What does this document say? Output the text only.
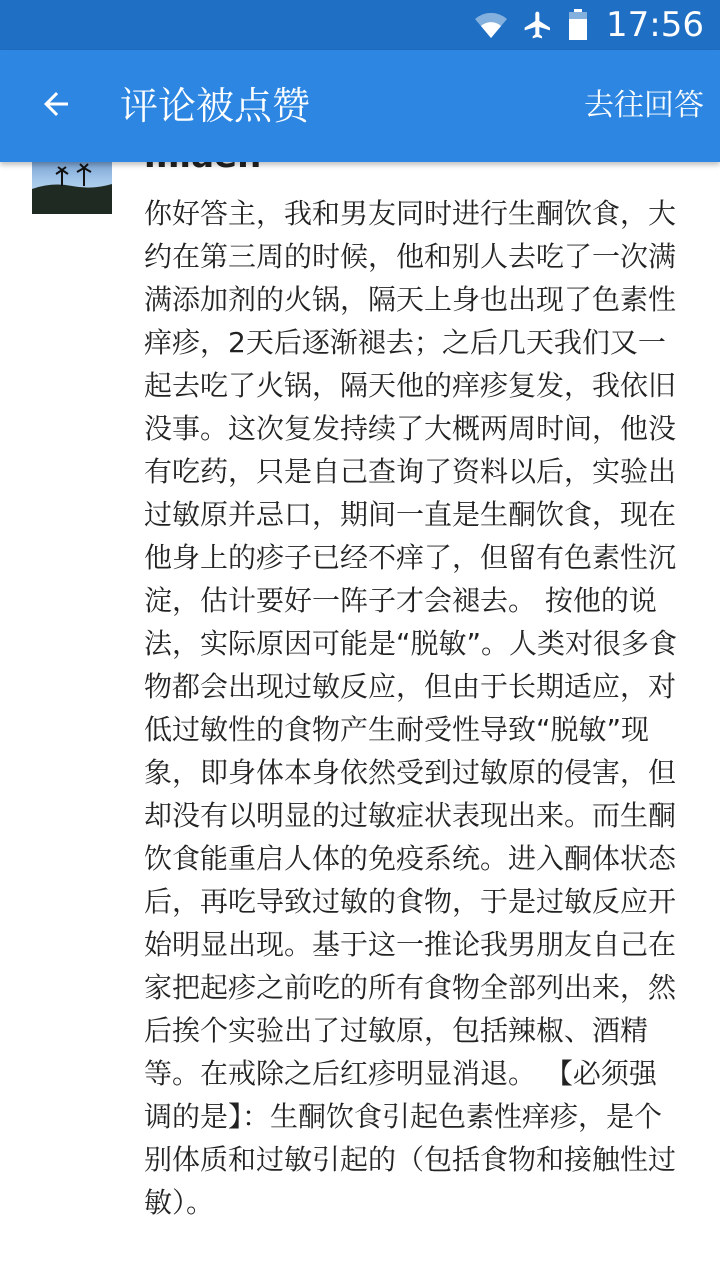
17:56
评论被点赞	去往回答
你好答主，我和男友同时进行生酮饮食，大约在第三周的时候，他和别人去吃了一次满满添加剂的火锅，隔天上身也出现了色素性痒疹，2天后逐渐褪去；之后几天我们又一起去吃了火锅，隔天他的痒疹复发，我依旧没事。这次复发持续了大概两周时间，他没有吃药，只是自己查询了资料以后，实验出过敏原并忌口，期间一直是生酮饮食，现在他身上的疹子已经不痒了，但留有色素性沉淀，估计要好一阵子才会褪去。 按他的说法，实际原因可能是“脱敏”。人类对很多食物都会出现过敏反应，但由于长期适应，对低过敏性的食物产生耐受性导致“脱敏”现象，即身体本身依然受到过敏原的侵害，但却没有以明显的过敏症状表现出来。而生酮饮食能重启人体的免疫系统。进入酮体状态后，再吃导致过敏的食物，于是过敏反应开始明显出现。基于这一推论我男朋友自己在家把起疹之前吃的所有食物全部列出来，然后挨个实验出了过敏原，包括辣椒、酒精等。在戒除之后红疹明显消退。 【必须强调的是】：生酮饮食引起色素性痒疹，是个别体质和过敏引起的（包括食物和接触性过敏）。
